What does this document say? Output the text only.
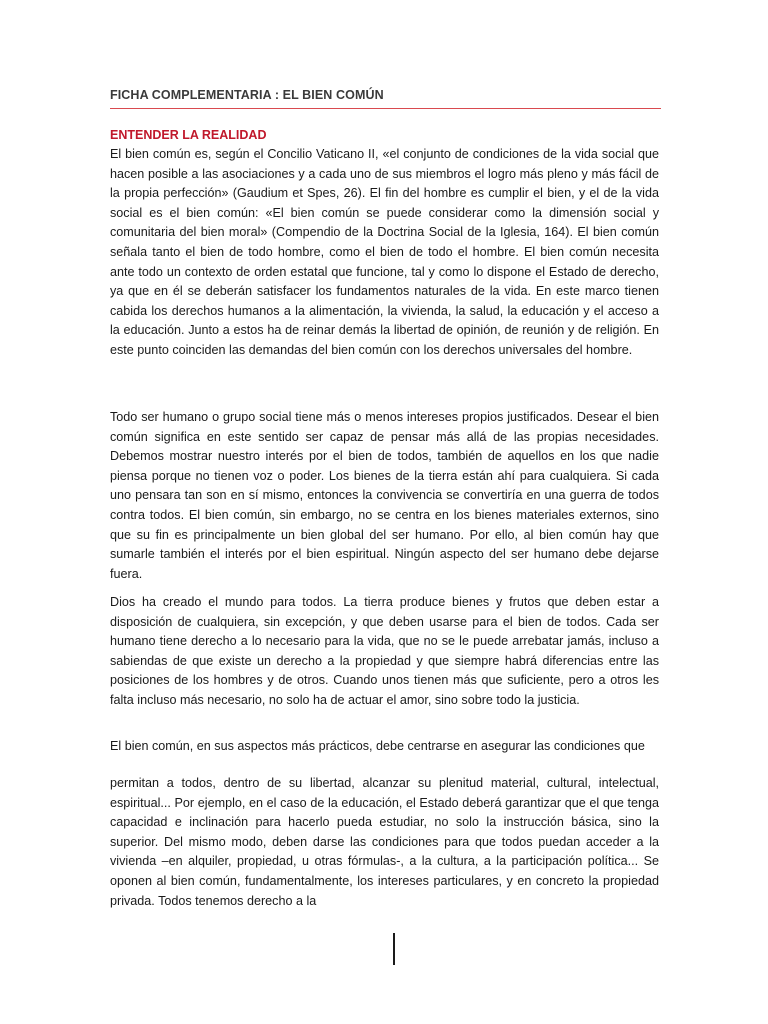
FICHA COMPLEMENTARIA : EL BIEN COMÚN
ENTENDER LA REALIDAD

El bien común es, según el Concilio Vaticano II, «el conjunto de condiciones de la vida social que hacen posible a las asociaciones y a cada uno de sus miembros el logro más pleno y más fácil de la propia perfección» (Gaudium et Spes, 26). El fin del hombre es cumplir el bien, y el de la vida social es el bien común: «El bien común se puede considerar como la dimensión social y comunitaria del bien moral» (Compendio de la Doctrina Social de la Iglesia, 164). El bien común señala tanto el bien de todo hombre, como el bien de todo el hombre. El bien común necesita ante todo un contexto de orden estatal que funcione, tal y como lo dispone el Estado de derecho, ya que en él se deberán satisfacer los fundamentos naturales de la vida. En este marco tienen cabida los derechos humanos a la alimentación, la vivienda, la salud, la educación y el acceso a la educación. Junto a estos ha de reinar demás la libertad de opinión, de reunión y de religión. En este punto coinciden las demandas del bien común con los derechos universales del hombre.

Todo ser humano o grupo social tiene más o menos intereses propios justificados. Desear el bien común significa en este sentido ser capaz de pensar más allá de las propias necesidades. Debemos mostrar nuestro interés por el bien de todos, también de aquellos en los que nadie piensa porque no tienen voz o poder. Los bienes de la tierra están ahí para cualquiera. Si cada uno pensara tan son en sí mismo, entonces la convivencia se convertiría en una guerra de todos contra todos. El bien común, sin embargo, no se centra en los bienes materiales externos, sino que su fin es principalmente un bien global del ser humano. Por ello, al bien común hay que sumarle también el interés por el bien espiritual. Ningún aspecto del ser humano debe dejarse fuera.

Dios ha creado el mundo para todos. La tierra produce bienes y frutos que deben estar a disposición de cualquiera, sin excepción, y que deben usarse para el bien de todos. Cada ser humano tiene derecho a lo necesario para la vida, que no se le puede arrebatar jamás, incluso a sabiendas de que existe un derecho a la propiedad y que siempre habrá diferencias entre las posiciones de los hombres y de otros. Cuando unos tienen más que suficiente, pero a otros les falta incluso más necesario, no solo ha de actuar el amor, sino sobre todo la justicia.

El bien común, en sus aspectos más prácticos, debe centrarse en asegurar las condiciones que

permitan a todos, dentro de su libertad, alcanzar su plenitud material, cultural, intelectual, espiritual... Por ejemplo, en el caso de la educación, el Estado deberá garantizar que el que tenga capacidad e inclinación para hacerlo pueda estudiar, no solo la instrucción básica, sino la superior. Del mismo modo, deben darse las condiciones para que todos puedan acceder a la vivienda –en alquiler, propiedad, u otras fórmulas-, a la cultura, a la participación política... Se oponen al bien común, fundamentalmente, los intereses particulares, y en concreto la propiedad privada. Todos tenemos derecho a la
